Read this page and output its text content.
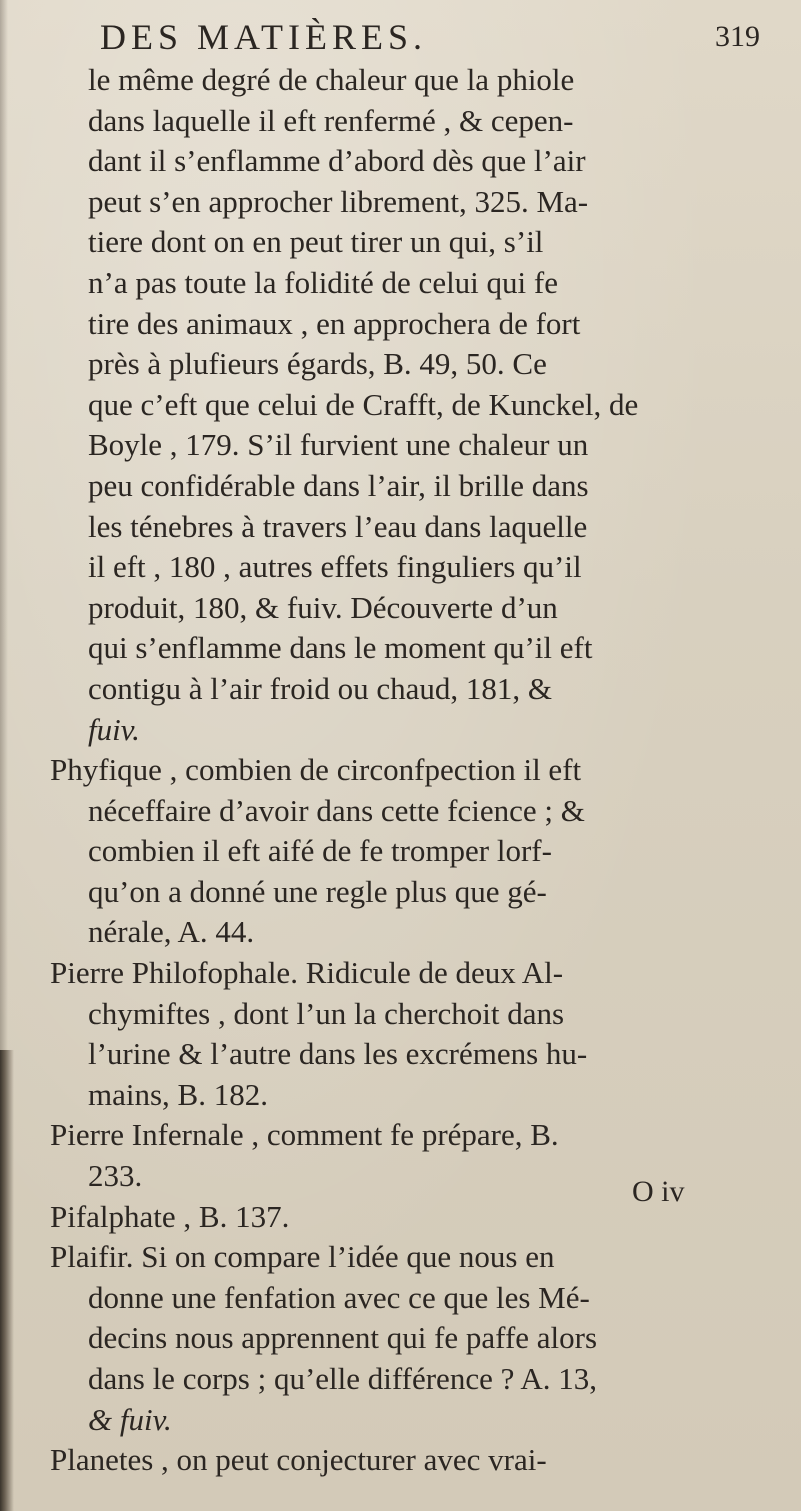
DES MATIÈRES.	319
le même degré de chaleur que la phiole
dans laquelle il eft renfermé , & cepen-
dant il s’enflamme d’abord dès que l’air
peut s’en approcher librement, 325. Ma-
tiere dont on en peut tirer un qui, s’il
n’a pas toute la folidité de celui qui fe
tire des animaux , en approchera de fort
près à plufieurs égards, B. 49, 50. Ce
que c’eft que celui de Crafft, de Kunckel, de
Boyle , 179. S’il furvient une chaleur un
peu confidérable dans l’air, il brille dans
les ténebres à travers l’eau dans laquelle
il eft , 180 , autres effets finguliers qu’il
produit, 180, & fuiv. Découverte d’un
qui s’enflamme dans le moment qu’il eft
contigu à l’air froid ou chaud, 181, &
fuiv.
Phyfique , combien de circonfpection il eft
néceffaire d’avoir dans cette fcience ; &
combien il eft aifé de fe tromper lorf-
qu’on a donné une regle plus que gé-
nérale, A. 44.
Pierre Philofophale. Ridicule de deux Al-
chymiftes , dont l’un la cherchoit dans
l’urine & l’autre dans les excrémens hu-
mains, B. 182.
Pierre Infernale , comment fe prépare, B.
233.
Pifalphate , B. 137.
Plaifir. Si on compare l’idée que nous en
donne une fenfation avec ce que les Mé-
decins nous apprennent qui fe paffe alors
dans le corps ; qu’elle différence ? A. 13,
& fuiv.
Planetes , on peut conjecturer avec vrai-
O iv
